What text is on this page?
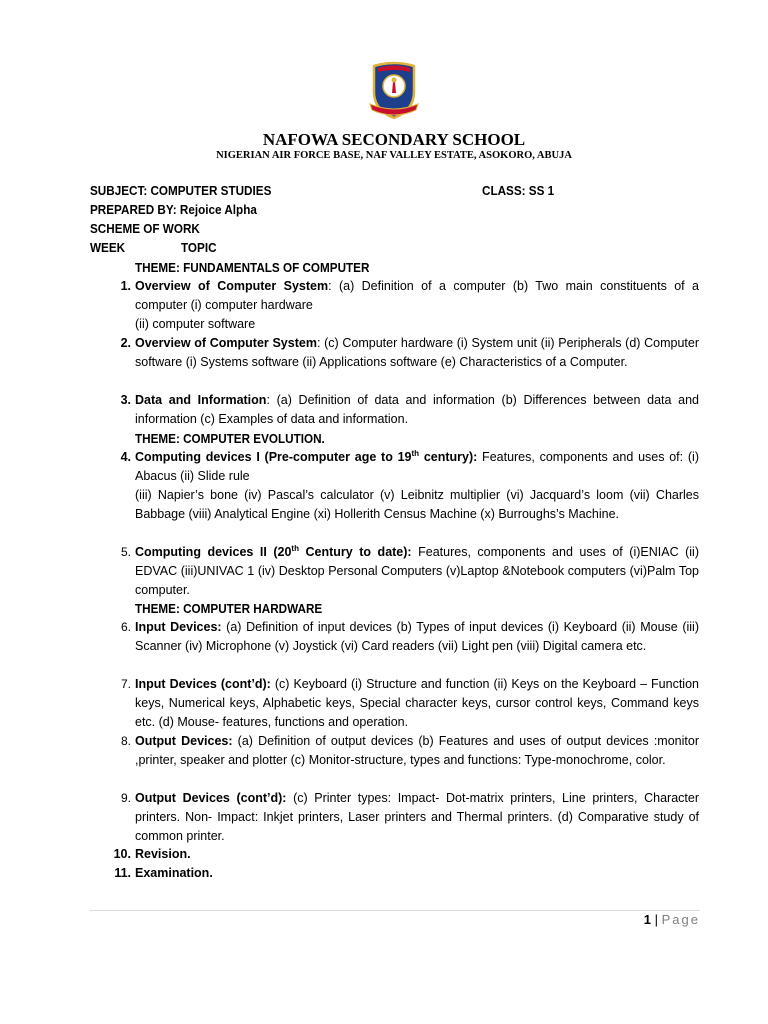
NAFOWA SECONDARY SCHOOL
NIGERIAN AIR FORCE BASE, NAF VALLEY ESTATE, ASOKORO, ABUJA
SUBJECT: COMPUTER STUDIES	CLASS: SS 1
PREPARED BY: Rejoice Alpha
SCHEME OF WORK
WEEK	TOPIC
THEME: FUNDAMENTALS OF COMPUTER
1. Overview of Computer System: (a) Definition of a computer (b) Two main constituents of a computer (i) computer hardware
(ii) computer software
2. Overview of Computer System: (c) Computer hardware (i) System unit (ii) Peripherals (d) Computer software (i) Systems software (ii) Applications software (e) Characteristics of a Computer.
3. Data and Information: (a) Definition of data and information (b) Differences between data and information (c) Examples of data and information.
THEME: COMPUTER EVOLUTION.
4. Computing devices I (Pre-computer age to 19th century): Features, components and uses of: (i) Abacus (ii) Slide rule
(iii) Napier’s bone (iv) Pascal’s calculator (v) Leibnitz multiplier (vi) Jacquard’s loom (vii) Charles Babbage (viii) Analytical Engine (xi) Hollerith Census Machine (x) Burroughs’s Machine.
5. Computing devices II (20th Century to date): Features, components and uses of (i)ENIAC (ii) EDVAC (iii)UNIVAC 1 (iv) Desktop Personal Computers (v)Laptop &Notebook computers (vi)Palm Top computer.
THEME: COMPUTER HARDWARE
6. Input Devices: (a) Definition of input devices (b) Types of input devices (i) Keyboard (ii) Mouse (iii) Scanner (iv) Microphone (v) Joystick (vi) Card readers (vii) Light pen (viii) Digital camera etc.
7. Input Devices (cont’d): (c) Keyboard (i) Structure and function (ii) Keys on the Keyboard – Function keys, Numerical keys, Alphabetic keys, Special character keys, cursor control keys, Command keys etc. (d) Mouse- features, functions and operation.
8. Output Devices: (a) Definition of output devices (b) Features and uses of output devices :monitor ,printer, speaker and plotter (c) Monitor-structure, types and functions: Type-monochrome, color.
9. Output Devices (cont’d): (c) Printer types: Impact- Dot-matrix printers, Line printers, Character printers. Non- Impact: Inkjet printers, Laser printers and Thermal printers. (d) Comparative study of common printer.
10. Revision.
11. Examination.
1 | Page
